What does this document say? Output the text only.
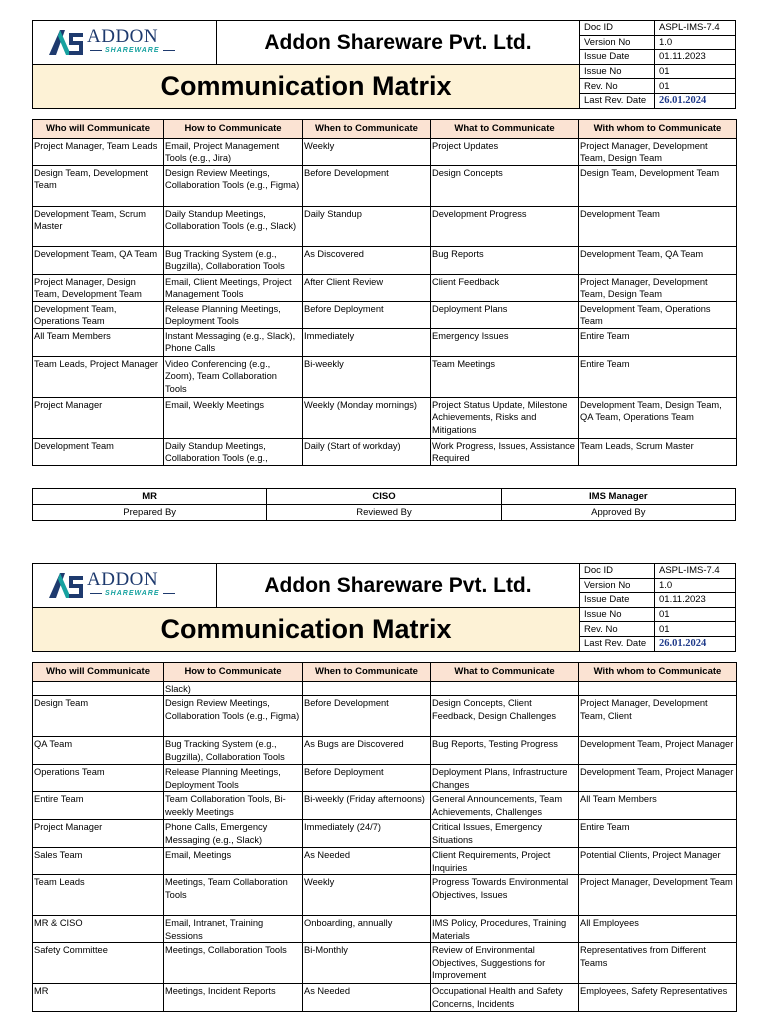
ADDON
SHAREWARE	Addon Shareware Pvt. Ltd.	
Doc ID	ASPL-IMS-7.4
Version No	1.0
Issue Date	01.11.2023
Issue No	01
Rev. No	01
Last Rev. Date	26.01.2024

Communication Matrix
Who will Communicate	How to Communicate	When to Communicate	What to Communicate	With whom to Communicate
Project Manager, Team Leads	Email, Project Management Tools (e.g., Jira)	Weekly	Project Updates	Project Manager, Development Team, Design Team
Design Team, Development Team	Design Review Meetings, Collaboration Tools (e.g., Figma)	Before Development	Design Concepts	Design Team, Development Team
Development Team, Scrum Master	Daily Standup Meetings, Collaboration Tools (e.g., Slack)	Daily Standup	Development Progress	Development Team
Development Team, QA Team	Bug Tracking System (e.g., Bugzilla), Collaboration Tools	As Discovered	Bug Reports	Development Team, QA Team
Project Manager, Design Team, Development Team	Email, Client Meetings, Project Management Tools	After Client Review	Client Feedback	Project Manager, Development Team, Design Team
Development Team, Operations Team	Release Planning Meetings, Deployment Tools	Before Deployment	Deployment Plans	Development Team, Operations Team
All Team Members	Instant Messaging (e.g., Slack), Phone Calls	Immediately	Emergency Issues	Entire Team
Team Leads, Project Manager	Video Conferencing (e.g., Zoom), Team Collaboration Tools	Bi-weekly	Team Meetings	Entire Team
Project Manager	Email, Weekly Meetings	Weekly (Monday mornings)	Project Status Update, Milestone Achievements, Risks and Mitigations	Development Team, Design Team, QA Team, Operations Team
Development Team	Daily Standup Meetings, Collaboration Tools (e.g.,	Daily (Start of workday)	Work Progress, Issues, Assistance Required	Team Leads, Scrum Master
MR	CISO	IMS Manager
Prepared By	Reviewed By	Approved By
ADDON
SHAREWARE	Addon Shareware Pvt. Ltd.	
Doc ID	ASPL-IMS-7.4
Version No	1.0
Issue Date	01.11.2023
Issue No	01
Rev. No	01
Last Rev. Date	26.01.2024

Communication Matrix
Who will Communicate	How to Communicate	When to Communicate	What to Communicate	With whom to Communicate
	Slack)			
Design Team	Design Review Meetings, Collaboration Tools (e.g., Figma)	Before Development	Design Concepts, Client Feedback, Design Challenges	Project Manager, Development Team, Client
QA Team	Bug Tracking System (e.g., Bugzilla), Collaboration Tools	As Bugs are Discovered	Bug Reports, Testing Progress	Development Team, Project Manager
Operations Team	Release Planning Meetings, Deployment Tools	Before Deployment	Deployment Plans, Infrastructure Changes	Development Team, Project Manager
Entire Team	Team Collaboration Tools, Bi-weekly Meetings	Bi-weekly (Friday afternoons)	General Announcements, Team Achievements, Challenges	All Team Members
Project Manager	Phone Calls, Emergency Messaging (e.g., Slack)	Immediately (24/7)	Critical Issues, Emergency Situations	Entire Team
Sales Team	Email, Meetings	As Needed	Client Requirements, Project Inquiries	Potential Clients, Project Manager
Team Leads	Meetings, Team Collaboration Tools	Weekly	Progress Towards Environmental Objectives, Issues	Project Manager, Development Team
MR & CISO	Email, Intranet, Training Sessions	Onboarding, annually	IMS Policy, Procedures, Training Materials	All Employees
Safety Committee	Meetings, Collaboration Tools	Bi-Monthly	Review of Environmental Objectives, Suggestions for Improvement	Representatives from Different Teams
MR	Meetings, Incident Reports	As Needed	Occupational Health and Safety Concerns, Incidents	Employees, Safety Representatives
